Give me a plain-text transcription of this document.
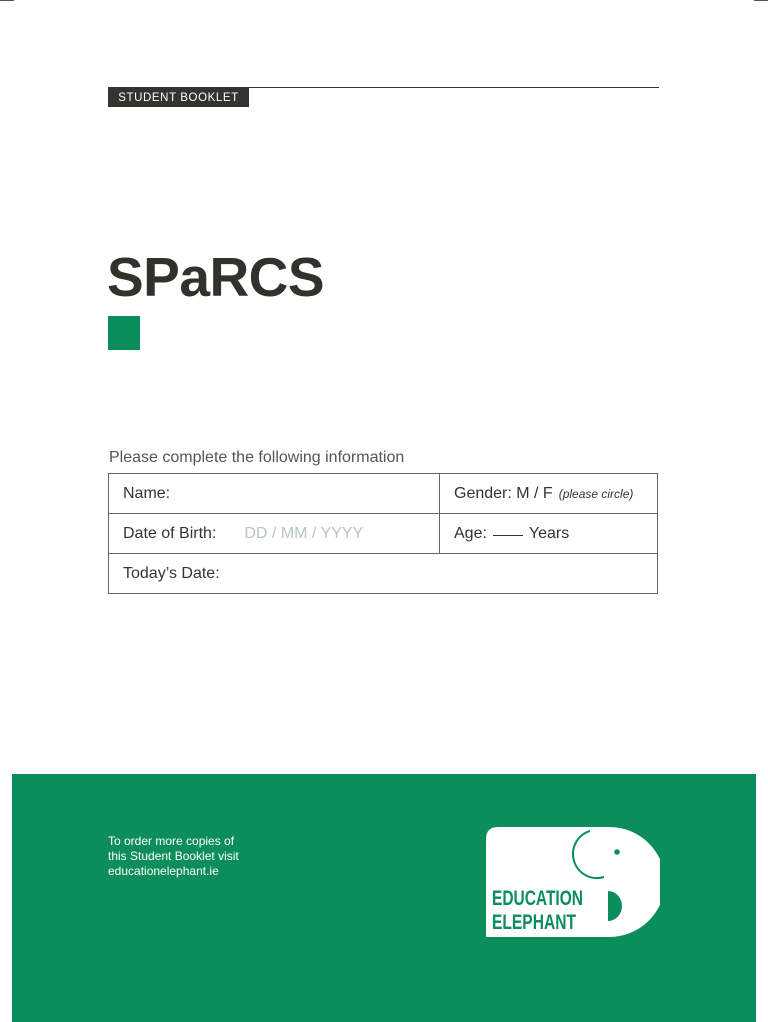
STUDENT BOOKLET
SPaRCS
Please complete the following information
Name:	Gender: M / F (please circle)
Date of Birth: DD / MM / YYYY	Age: Years
Today’s Date:	
To order more copies of
this Student Booklet visit
educationelephant.ie
EDUCATION
ELEPHANT
